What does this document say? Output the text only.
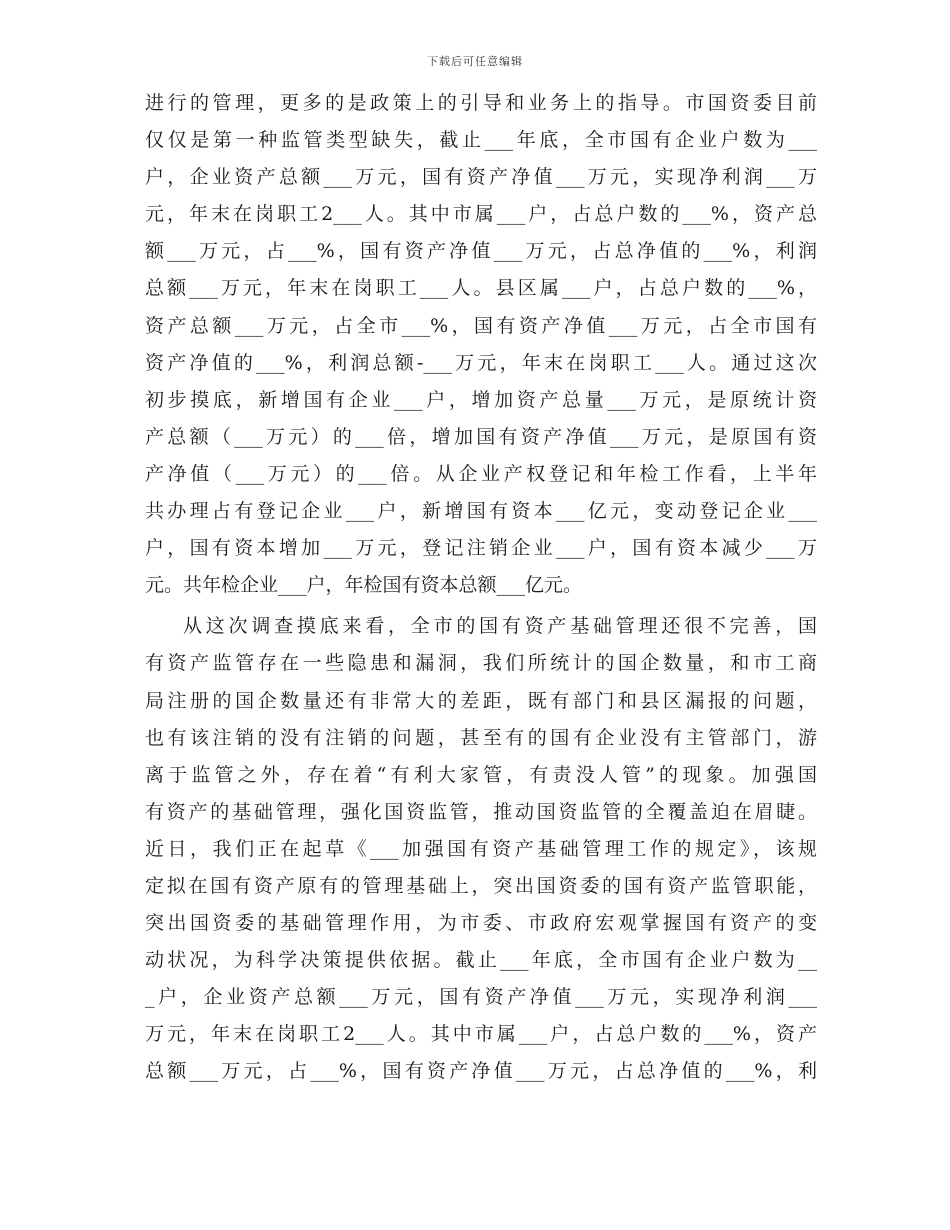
下载后可任意编辑
进行的管理，更多的是政策上的引导和业务上的指导。市国资委目前
仅仅是第一种监管类型缺失，截止___年底，全市国有企业户数为___
户，企业资产总额___万元，国有资产净值___万元，实现净利润___万
元，年末在岗职工2___人。其中市属___户，占总户数的___%，资产总
额___万元，占___%，国有资产净值___万元，占总净值的___%，利润
总额___万元，年末在岗职工___人。县区属___户，占总户数的___%，
资产总额___万元，占全市___%，国有资产净值___万元，占全市国有
资产净值的___%，利润总额-___万元，年末在岗职工___人。通过这次
初步摸底，新增国有企业___户，增加资产总量___万元，是原统计资
产总额（___万元）的___倍，增加国有资产净值___万元，是原国有资
产净值（___万元）的___倍。从企业产权登记和年检工作看，上半年
共办理占有登记企业___户，新增国有资本___亿元，变动登记企业___
户，国有资本增加___万元，登记注销企业___户，国有资本减少___万
元。共年检企业___户，年检国有资本总额___亿元。
从这次调查摸底来看，全市的国有资产基础管理还很不完善，国
有资产监管存在一些隐患和漏洞，我们所统计的国企数量，和市工商
局注册的国企数量还有非常大的差距，既有部门和县区漏报的问题，
也有该注销的没有注销的问题，甚至有的国有企业没有主管部门，游
离于监管之外，存在着“有利大家管，有责没人管”的现象。加强国
有资产的基础管理，强化国资监管，推动国资监管的全覆盖迫在眉睫。
近日，我们正在起草《___加强国有资产基础管理工作的规定》，该规
定拟在国有资产原有的管理基础上，突出国资委的国有资产监管职能，
突出国资委的基础管理作用，为市委、市政府宏观掌握国有资产的变
动状况，为科学决策提供依据。截止___年底，全市国有企业户数为__
_户，企业资产总额___万元，国有资产净值___万元，实现净利润___
万元，年末在岗职工2___人。其中市属___户，占总户数的___%，资产
总额___万元，占___%，国有资产净值___万元，占总净值的___%，利
